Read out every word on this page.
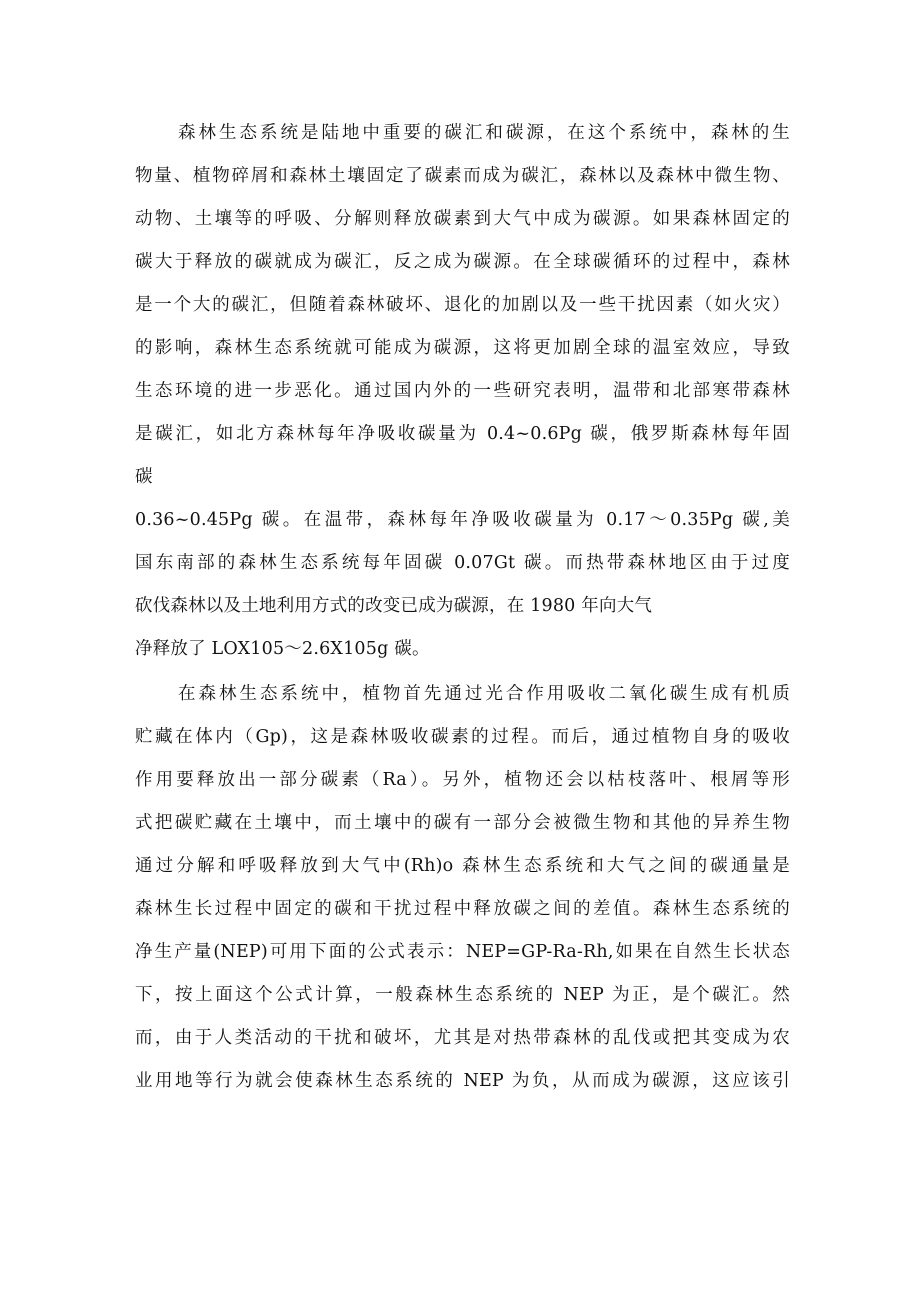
森林生态系统是陆地中重要的碳汇和碳源，在这个系统中，森林的生
物量、植物碎屑和森林土壤固定了碳素而成为碳汇，森林以及森林中微生物、
动物、土壤等的呼吸、分解则释放碳素到大气中成为碳源。如果森林固定的
碳大于释放的碳就成为碳汇，反之成为碳源。在全球碳循环的过程中，森林
是一个大的碳汇，但随着森林破坏、退化的加剧以及一些干扰因素（如火灾）
的影响，森林生态系统就可能成为碳源，这将更加剧全球的温室效应，导致
生态环境的进一步恶化。通过国内外的一些研究表明，温带和北部寒带森林
是碳汇，如北方森林每年净吸收碳量为 0.4~0.6Pg 碳，俄罗斯森林每年固
碳
0.36~0.45Pg 碳。在温带，森林每年净吸收碳量为 0.17～0.35Pg 碳,美
国东南部的森林生态系统每年固碳 0.07Gt 碳。而热带森林地区由于过度
砍伐森林以及土地利用方式的改变已成为碳源，在 1980 年向大气
净释放了 LOX105～2.6X105g 碳。
在森林生态系统中，植物首先通过光合作用吸收二氧化碳生成有机质
贮藏在体内（Gp)，这是森林吸收碳素的过程。而后，通过植物自身的吸收
作用要释放出一部分碳素（Ra）。另外，植物还会以枯枝落叶、根屑等形
式把碳贮藏在土壤中，而土壤中的碳有一部分会被微生物和其他的异养生物
通过分解和呼吸释放到大气中(Rh)o 森林生态系统和大气之间的碳通量是
森林生长过程中固定的碳和干扰过程中释放碳之间的差值。森林生态系统的
净生产量(NEP)可用下面的公式表示：NEP=GP-Ra-Rh,如果在自然生长状态
下，按上面这个公式计算，一般森林生态系统的 NEP 为正，是个碳汇。然
而，由于人类活动的干扰和破坏，尤其是对热带森林的乱伐或把其变成为农
业用地等行为就会使森林生态系统的 NEP 为负，从而成为碳源，这应该引
